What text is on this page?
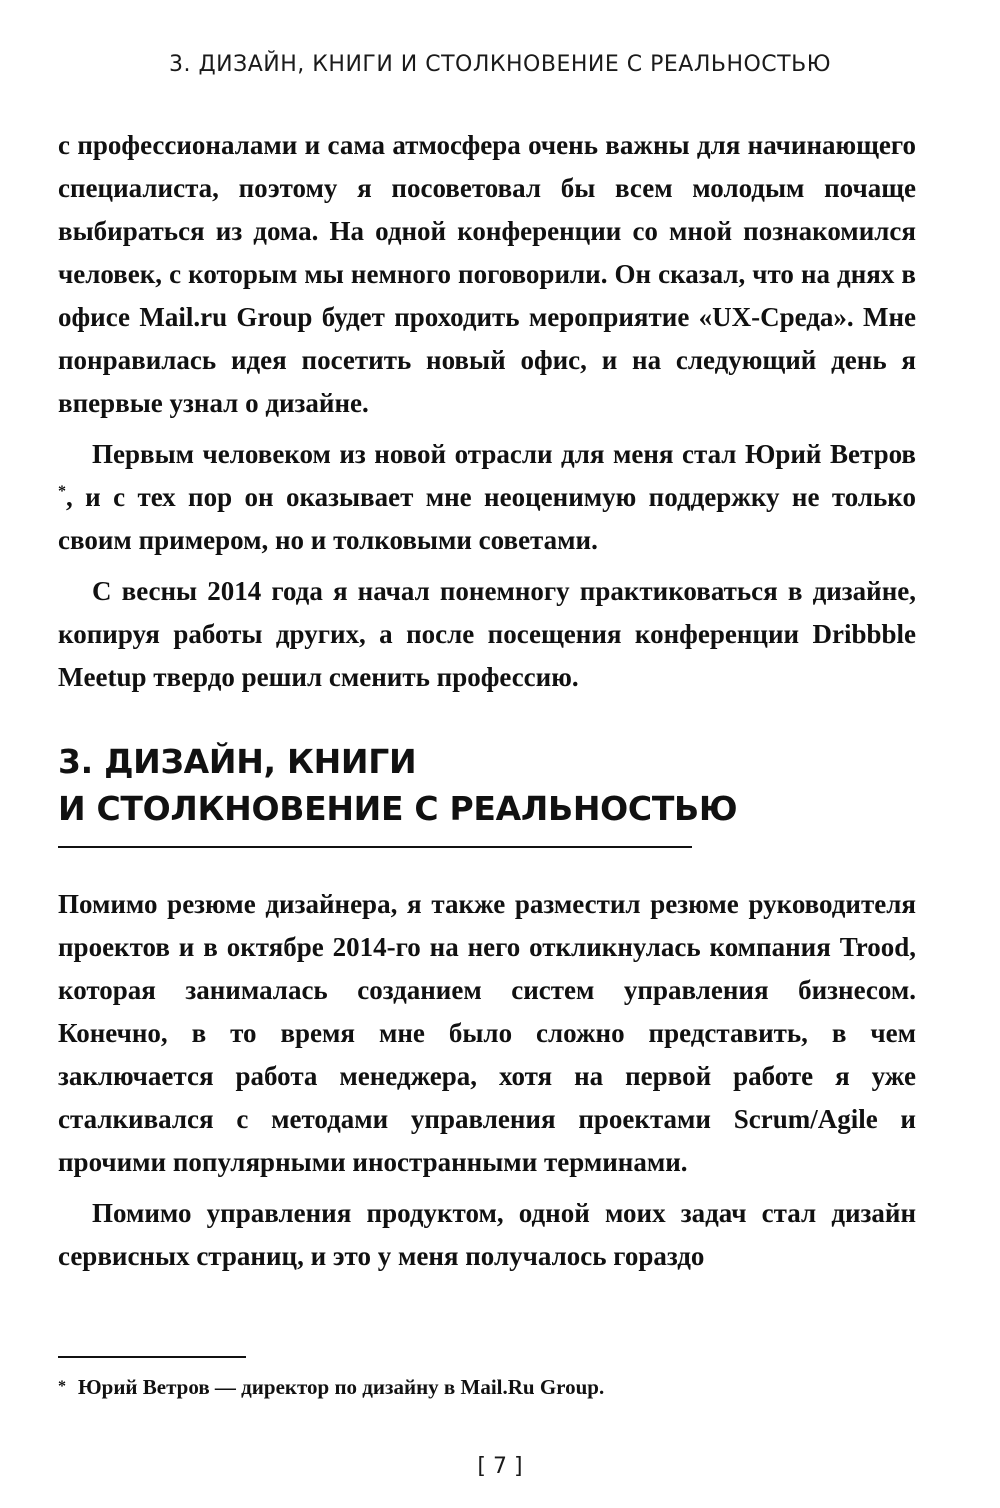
3. ДИЗАЙН, КНИГИ И СТОЛКНОВЕНИЕ С РЕАЛЬНОСТЬЮ

с профессионалами и сама атмосфера очень важны для начинающего специалиста, поэтому я посоветовал бы всем молодым почаще выбираться из дома. На одной конференции со мной познакомился человек, с которым мы немного поговорили. Он сказал, что на днях в офисе Mail.ru Group будет проходить мероприятие «UX-Среда». Мне понравилась идея посетить новый офис, и на следующий день я впервые узнал о дизайне.

Первым человеком из новой отрасли для меня стал Юрий Ветров *, и с тех пор он оказывает мне неоценимую поддержку не только своим примером, но и толковыми советами.

С весны 2014 года я начал понемногу практиковаться в дизайне, копируя работы других, а после посещения конференции Dribbble Meetup твердо решил сменить профессию.

3. ДИЗАЙН, КНИГИ
И СТОЛКНОВЕНИЕ С РЕАЛЬНОСТЬЮ

Помимо резюме дизайнера, я также разместил резюме руководителя проектов и в октябре 2014-го на него откликнулась компания Trood, которая занималась созданием систем управления бизнесом. Конечно, в то время мне было сложно представить, в чем заключается работа менеджера, хотя на первой работе я уже сталкивался с методами управления проектами Scrum/Agile и прочими популярными иностранными терминами.

Помимо управления продуктом, одной моих задач стал дизайн сервисных страниц, и это у меня получалось гораздо

* Юрий Ветров — директор по дизайну в Mail.Ru Group.
[ 7 ]
